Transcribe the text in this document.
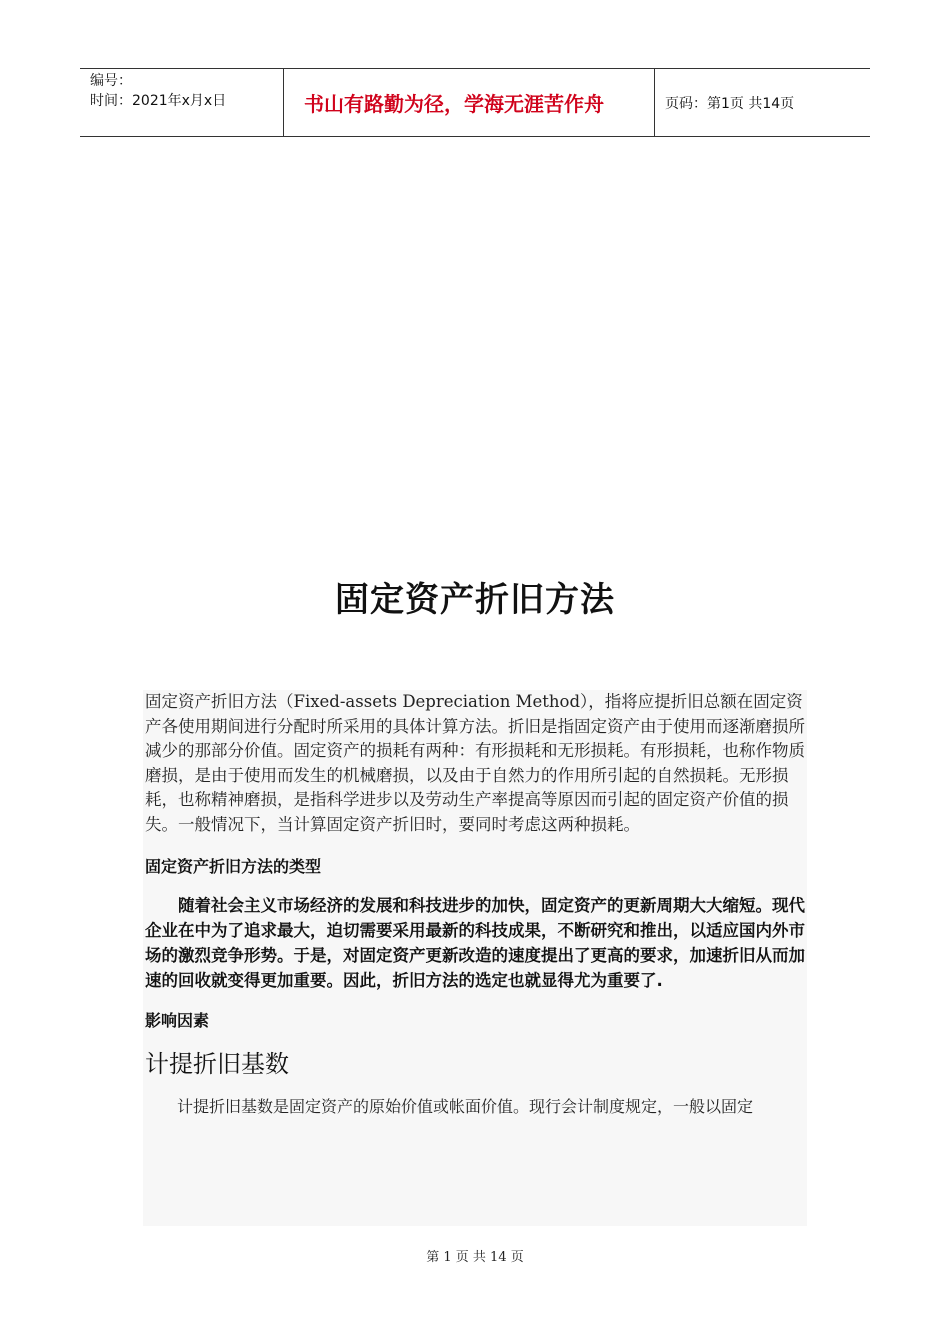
编号：
时间：2021年x月x日	书山有路勤为径，学海无涯苦作舟	页码：第1页 共14页
固定资产折旧方法

固定资产折旧方法（Fixed-assets Depreciation Method），指将应提折旧总额在固定资产各使用期间进行分配时所采用的具体计算方法。折旧是指固定资产由于使用而逐渐磨损所减少的那部分价值。固定资产的损耗有两种：有形损耗和无形损耗。有形损耗，也称作物质磨损，是由于使用而发生的机械磨损，以及由于自然力的作用所引起的自然损耗。无形损耗，也称精神磨损，是指科学进步以及劳动生产率提高等原因而引起的固定资产价值的损失。一般情况下，当计算固定资产折旧时，要同时考虑这两种损耗。

固定资产折旧方法的类型

随着社会主义市场经济的发展和科技进步的加快，固定资产的更新周期大大缩短。现代企业在中为了追求最大，迫切需要采用最新的科技成果，不断研究和推出，以适应国内外市场的激烈竞争形势。于是，对固定资产更新改造的速度提出了更高的要求，加速折旧从而加速的回收就变得更加重要。因此，折旧方法的选定也就显得尤为重要了.

影响因素
计提折旧基数

计提折旧基数是固定资产的原始价值或帐面价值。现行会计制度规定，一般以固定

第 1 页 共 14 页
